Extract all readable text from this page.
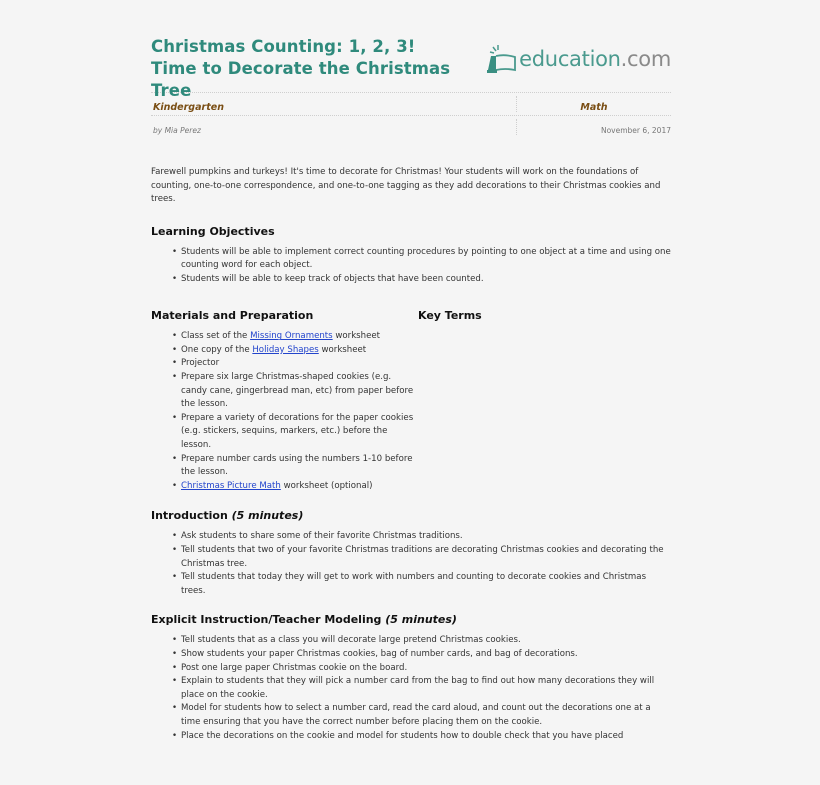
Christmas Counting: 1, 2, 3! Time to Decorate the Christmas Tree
education.com
Kindergarten	Math
by Mia Perez	November 6, 2017

Farewell pumpkins and turkeys! It's time to decorate for Christmas! Your students will work on the foundations of counting, one-to-one correspondence, and one-to-one tagging as they add decorations to their Christmas cookies and trees.

Learning Objectives
• Students will be able to implement correct counting procedures by pointing to one object at a time and using one counting word for each object.
• Students will be able to keep track of objects that have been counted.
Materials and Preparation
• Class set of the Missing Ornaments worksheet
• One copy of the Holiday Shapes worksheet
• Projector
• Prepare six large Christmas-shaped cookies (e.g. candy cane, gingerbread man, etc) from paper before the lesson.
• Prepare a variety of decorations for the paper cookies (e.g. stickers, sequins, markers, etc.) before the lesson.
• Prepare number cards using the numbers 1-10 before the lesson.
• Christmas Picture Math worksheet (optional)
Key Terms
Introduction (5 minutes)
• Ask students to share some of their favorite Christmas traditions.
• Tell students that two of your favorite Christmas traditions are decorating Christmas cookies and decorating the Christmas tree.
• Tell students that today they will get to work with numbers and counting to decorate cookies and Christmas trees.
Explicit Instruction/Teacher Modeling (5 minutes)
• Tell students that as a class you will decorate large pretend Christmas cookies.
• Show students your paper Christmas cookies, bag of number cards, and bag of decorations.
• Post one large paper Christmas cookie on the board.
• Explain to students that they will pick a number card from the bag to find out how many decorations they will place on the cookie.
• Model for students how to select a number card, read the card aloud, and count out the decorations one at a time ensuring that you have the correct number before placing them on the cookie.
• Place the decorations on the cookie and model for students how to double check that you have placed
